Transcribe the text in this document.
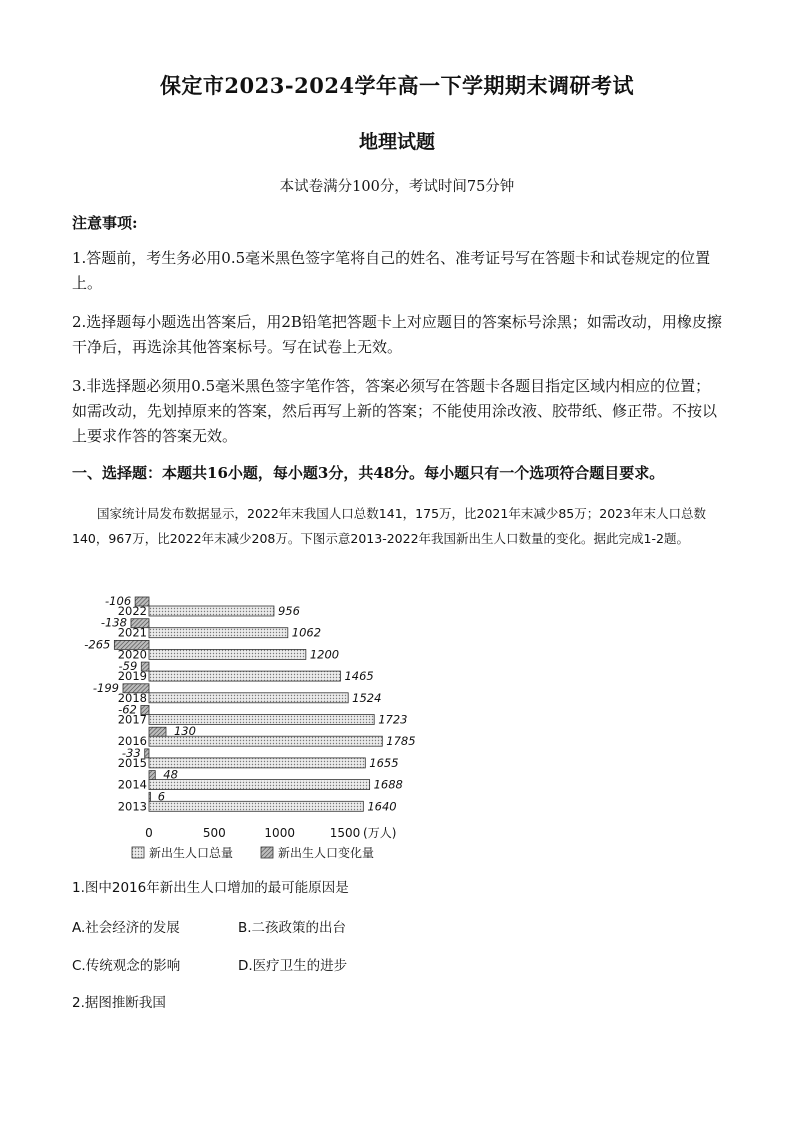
保定市2023-2024学年高一下学期期末调研考试
地理试题
本试卷满分100分，考试时间75分钟
注意事项:
1.答题前，考生务必用0.5毫米黑色签字笔将自己的姓名、准考证号写在答题卡和试卷规定的位置上。
2.选择题每小题选出答案后，用2B铅笔把答题卡上对应题目的答案标号涂黑；如需改动，用橡皮擦干净后，再选涂其他答案标号。写在试卷上无效。
3.非选择题必须用0.5毫米黑色签字笔作答，答案必须写在答题卡各题目指定区域内相应的位置；如需改动，先划掉原来的答案，然后再写上新的答案；不能使用涂改液、胶带纸、修正带。不按以上要求作答的答案无效。
一、选择题：本题共16小题，每小题3分，共48分。每小题只有一个选项符合题目要求。
国家统计局发布数据显示，2022年末我国人口总数141，175万，比2021年末减少85万；2023年末人口总数140，967万，比2022年末减少208万。下图示意2013-2022年我国新出生人口数量的变化。据此完成1-2题。
956
-106
2022
1062
-138
2021
1200
-265
2020
1465
-59
2019
1524
-199
2018
1723
-62
2017
1785
130
2016
1655
-33
2015
1688
48
2014
1640
6
2013
0	500	1000	1500 (万人)
新出生人口总量	新出生人口变化量
1.图中2016年新出生人口增加的最可能原因是
A.社会经济的发展	B.二孩政策的出台
C.传统观念的影响	D.医疗卫生的进步
2.据图推断我国
